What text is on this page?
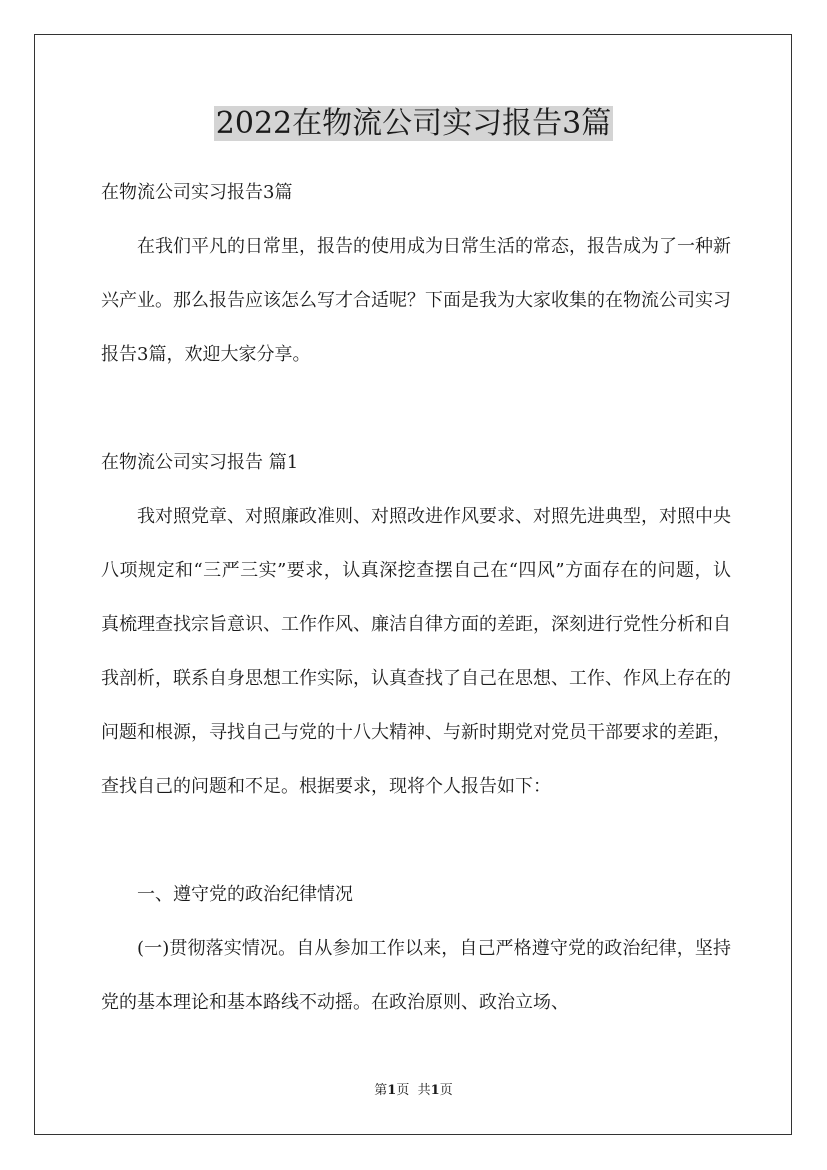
2022在物流公司实习报告3篇

在物流公司实习报告3篇

在我们平凡的日常里，报告的使用成为日常生活的常态，报告成为了一种新兴产业。那么报告应该怎么写才合适呢？下面是我为大家收集的在物流公司实习报告3篇，欢迎大家分享。

在物流公司实习报告 篇1

我对照党章、对照廉政准则、对照改进作风要求、对照先进典型，对照中央八项规定和“三严三实”要求，认真深挖查摆自己在“四风”方面存在的问题，认真梳理查找宗旨意识、工作作风、廉洁自律方面的差距，深刻进行党性分析和自我剖析，联系自身思想工作实际，认真查找了自己在思想、工作、作风上存在的问题和根源，寻找自己与党的十八大精神、与新时期党对党员干部要求的差距，查找自己的问题和不足。根据要求，现将个人报告如下：

一、遵守党的政治纪律情况

(一)贯彻落实情况。自从参加工作以来，自己严格遵守党的政治纪律，坚持党的基本理论和基本路线不动摇。在政治原则、政治立场、

第1页 共1页
